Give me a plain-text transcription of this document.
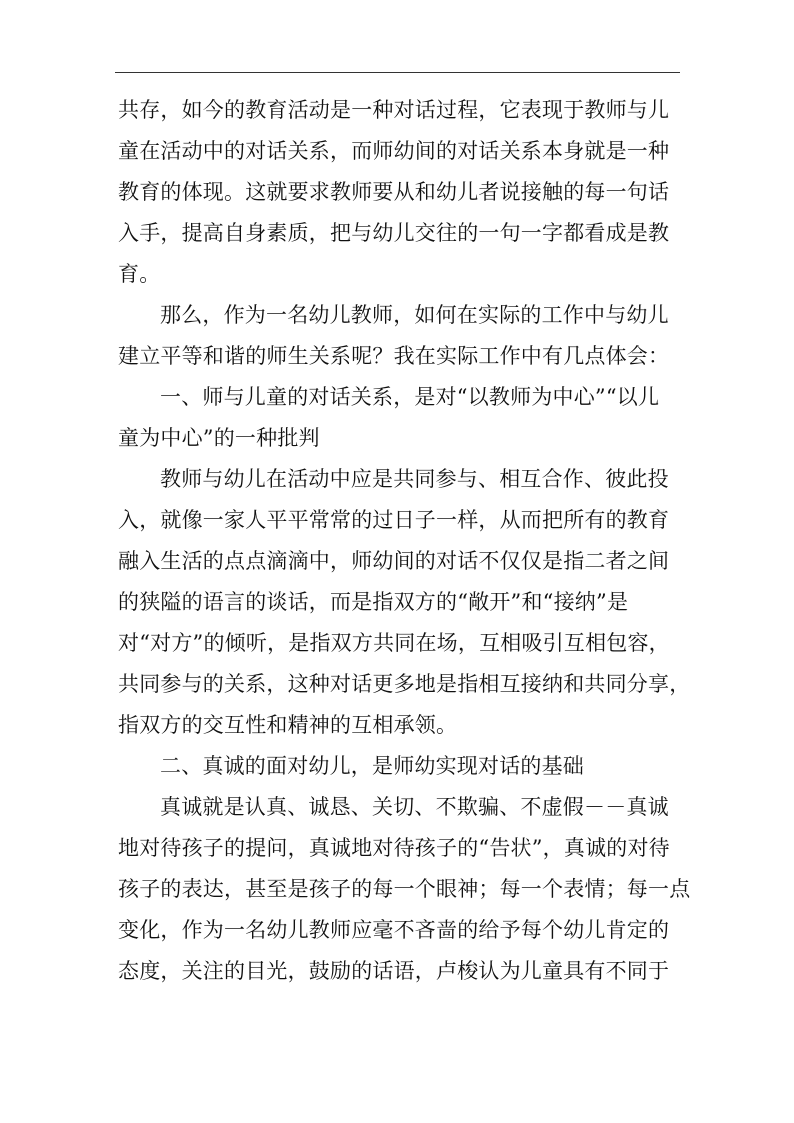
共存，如今的教育活动是一种对话过程，它表现于教师与儿
童在活动中的对话关系，而师幼间的对话关系本身就是一种
教育的体现。这就要求教师要从和幼儿者说接触的每一句话
入手，提高自身素质，把与幼儿交往的一句一字都看成是教
育。
那么，作为一名幼儿教师，如何在实际的工作中与幼儿
建立平等和谐的师生关系呢？我在实际工作中有几点体会：
一、师与儿童的对话关系，是对“以教师为中心”“以儿
童为中心”的一种批判
教师与幼儿在活动中应是共同参与、相互合作、彼此投
入，就像一家人平平常常的过日子一样，从而把所有的教育
融入生活的点点滴滴中，师幼间的对话不仅仅是指二者之间
的狭隘的语言的谈话，而是指双方的“敞开”和“接纳”是
对“对方”的倾听，是指双方共同在场，互相吸引互相包容，
共同参与的关系，这种对话更多地是指相互接纳和共同分享，
指双方的交互性和精神的互相承领。
二、真诚的面对幼儿，是师幼实现对话的基础
真诚就是认真、诚恳、关切、不欺骗、不虚假－－真诚
地对待孩子的提问，真诚地对待孩子的“告状”，真诚的对待
孩子的表达，甚至是孩子的每一个眼神；每一个表情；每一点
变化，作为一名幼儿教师应毫不吝啬的给予每个幼儿肯定的
态度，关注的目光，鼓励的话语，卢梭认为儿童具有不同于
